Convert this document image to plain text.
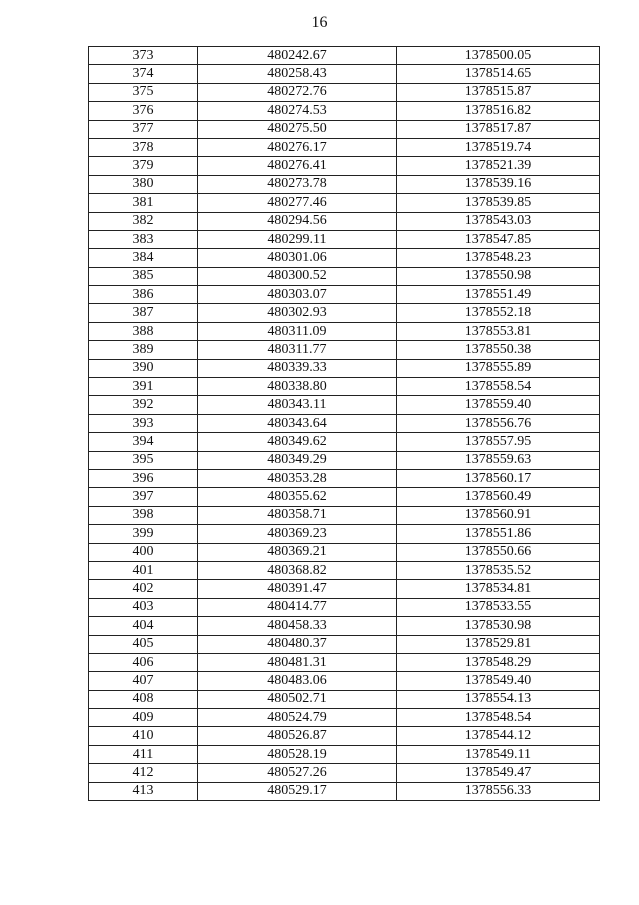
16
373	480242.67	1378500.05
374	480258.43	1378514.65
375	480272.76	1378515.87
376	480274.53	1378516.82
377	480275.50	1378517.87
378	480276.17	1378519.74
379	480276.41	1378521.39
380	480273.78	1378539.16
381	480277.46	1378539.85
382	480294.56	1378543.03
383	480299.11	1378547.85
384	480301.06	1378548.23
385	480300.52	1378550.98
386	480303.07	1378551.49
387	480302.93	1378552.18
388	480311.09	1378553.81
389	480311.77	1378550.38
390	480339.33	1378555.89
391	480338.80	1378558.54
392	480343.11	1378559.40
393	480343.64	1378556.76
394	480349.62	1378557.95
395	480349.29	1378559.63
396	480353.28	1378560.17
397	480355.62	1378560.49
398	480358.71	1378560.91
399	480369.23	1378551.86
400	480369.21	1378550.66
401	480368.82	1378535.52
402	480391.47	1378534.81
403	480414.77	1378533.55
404	480458.33	1378530.98
405	480480.37	1378529.81
406	480481.31	1378548.29
407	480483.06	1378549.40
408	480502.71	1378554.13
409	480524.79	1378548.54
410	480526.87	1378544.12
411	480528.19	1378549.11
412	480527.26	1378549.47
413	480529.17	1378556.33
